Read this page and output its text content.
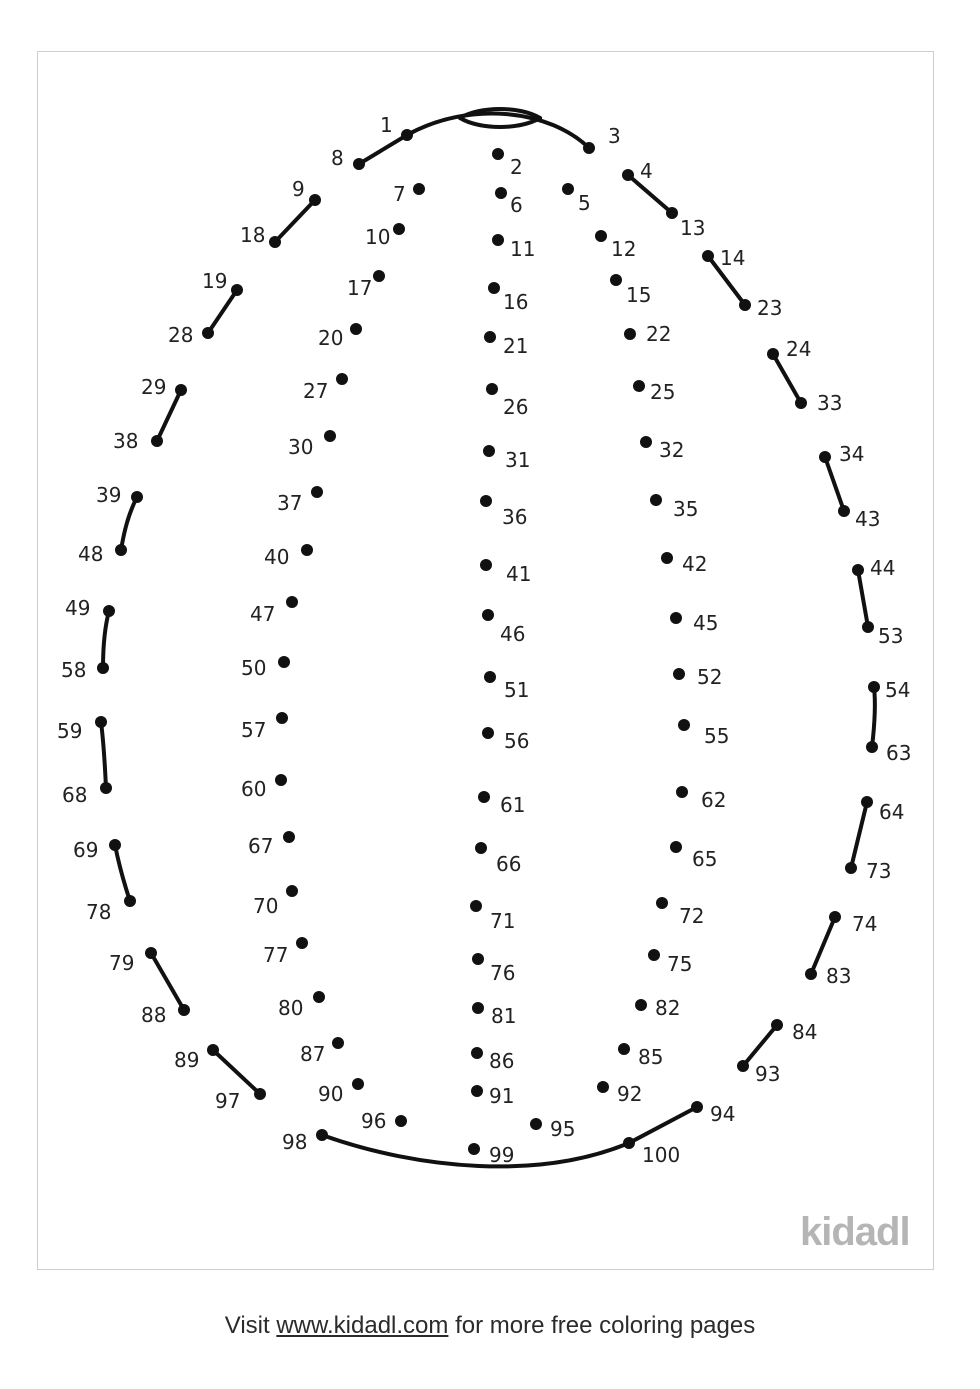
1
2
3
4
5
6
7
8
9
10	11	12
13
14
15
16
17
18
19
20	21	22
23
24
25
26
27
28
29
30
31	32
33
34
35
36
37
38
39
40
41	42
43
44
45
46
47
48
49
50
51
52
53
54
55
56
57
58
59
60
61	62
63
64
65
66
67
68
69
70
71	72
73
74
75
76
77
78
79
80	81	82
83
84
85
86
87
88
89
90	91	92
93
94
95
96
97
98
99	100
kidadl
Visit www.kidadl.com for more free coloring pages
